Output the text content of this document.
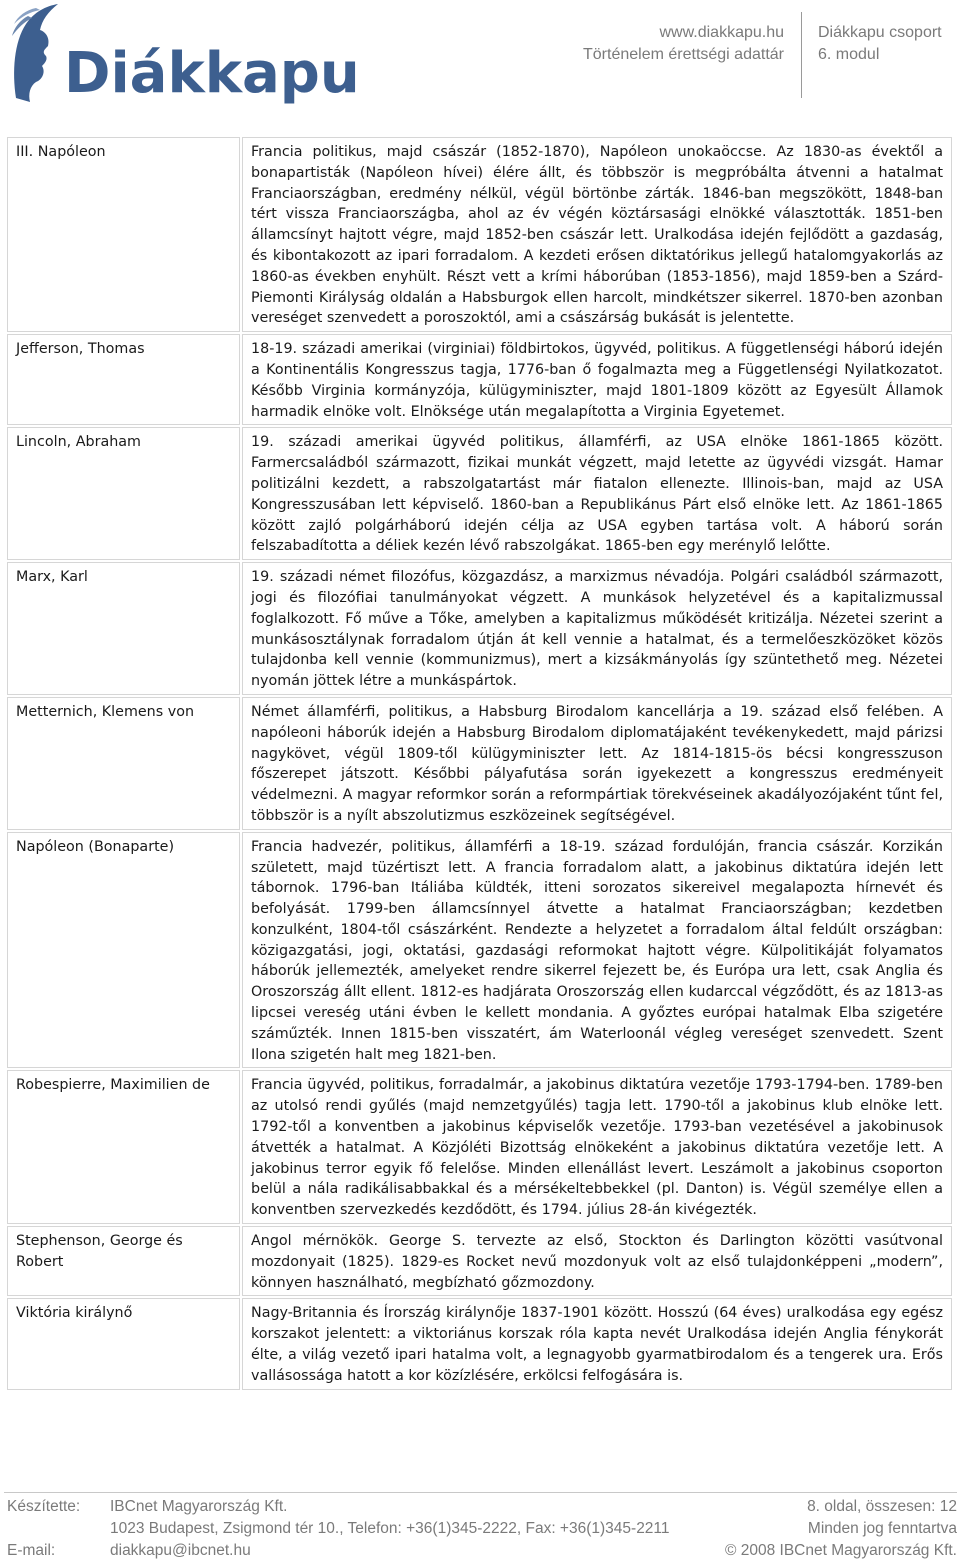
Diákkapu
www.diakkapu.hu
Történelem érettségi adattár
Diákkapu csoport
6. modul
III. Napóleon	Francia politikus, majd császár (1852-1870), Napóleon unokaöccse. Az 1830-as évektől a bonapartisták (Napóleon hívei) élére állt, és többször is megpróbálta átvenni a hatalmat Franciaországban, eredmény nélkül, végül börtönbe zárták. 1846-ban megszökött, 1848-ban tért vissza Franciaországba, ahol az év végén köztársasági elnökké választották. 1851-ben államcsínyt hajtott végre, majd 1852-ben császár lett. Uralkodása idején fejlődött a gazdaság, és kibontakozott az ipari forradalom. A kezdeti erősen diktatórikus jellegű hatalomgyakorlás az 1860-as években enyhült. Részt vett a krími háborúban (1853-1856), majd 1859-ben a Szárd-Piemonti Királyság oldalán a Habsburgok ellen harcolt, mindkétszer sikerrel. 1870-ben azonban vereséget szenvedett a poroszoktól, ami a császárság bukását is jelentette.
Jefferson, Thomas	18-19. századi amerikai (virginiai) földbirtokos, ügyvéd, politikus. A függetlenségi háború idején a Kontinentális Kongresszus tagja, 1776-ban ő fogalmazta meg a Függetlenségi Nyilatkozatot. Később Virginia kormányzója, külügyminiszter, majd 1801-1809 között az Egyesült Államok harmadik elnöke volt. Elnöksége után megalapította a Virginia Egyetemet.
Lincoln, Abraham	19. századi amerikai ügyvéd politikus, államférfi, az USA elnöke 1861-1865 között. Farmercsaládból származott, fizikai munkát végzett, majd letette az ügyvédi vizsgát. Hamar politizálni kezdett, a rabszolgatartást már fiatalon ellenezte. Illinois-ban, majd az USA Kongresszusában lett képviselő. 1860-ban a Republikánus Párt első elnöke lett. Az 1861-1865 között zajló polgárháború idején célja az USA egyben tartása volt. A háború során felszabadította a déliek kezén lévő rabszolgákat. 1865-ben egy merénylő lelőtte.
Marx, Karl	19. századi német filozófus, közgazdász, a marxizmus névadója. Polgári családból származott, jogi és filozófiai tanulmányokat végzett. A munkások helyzetével és a kapitalizmussal foglalkozott. Fő műve a Tőke, amelyben a kapitalizmus működését kritizálja. Nézetei szerint a munkásosztálynak forradalom útján át kell vennie a hatalmat, és a termelőeszközöket közös tulajdonba kell vennie (kommunizmus), mert a kizsákmányolás így szüntethető meg. Nézetei nyomán jöttek létre a munkáspártok.
Metternich, Klemens von	Német államférfi, politikus, a Habsburg Birodalom kancellárja a 19. század első felében. A napóleoni háborúk idején a Habsburg Birodalom diplomatájaként tevékenykedett, majd párizsi nagykövet, végül 1809-től külügyminiszter lett. Az 1814-1815-ös bécsi kongresszuson főszerepet játszott. Későbbi pályafutása során igyekezett a kongresszus eredményeit védelmezni. A magyar reformkor során a reformpártiak törekvéseinek akadályozójaként tűnt fel, többször is a nyílt abszolutizmus eszközeinek segítségével.
Napóleon (Bonaparte)	Francia hadvezér, politikus, államférfi a 18-19. század fordulóján, francia császár. Korzikán született, majd tüzértiszt lett. A francia forradalom alatt, a jakobinus diktatúra idején lett tábornok. 1796-ban Itáliába küldték, itteni sorozatos sikereivel megalapozta hírnevét és befolyását. 1799-ben államcsínnyel átvette a hatalmat Franciaországban; kezdetben konzulként, 1804-től császárként. Rendezte a helyzetet a forradalom által feldúlt országban: közigazgatási, jogi, oktatási, gazdasági reformokat hajtott végre. Külpolitikáját folyamatos háborúk jellemezték, amelyeket rendre sikerrel fejezett be, és Európa ura lett, csak Anglia és Oroszország állt ellent. 1812-es hadjárata Oroszország ellen kudarccal végződött, és az 1813-as lipcsei vereség utáni évben le kellett mondania. A győztes európai hatalmak Elba szigetére száműzték. Innen 1815-ben visszatért, ám Waterloonál végleg vereséget szenvedett. Szent Ilona szigetén halt meg 1821-ben.
Robespierre, Maximilien de	Francia ügyvéd, politikus, forradalmár, a jakobinus diktatúra vezetője 1793-1794-ben. 1789-ben az utolsó rendi gyűlés (majd nemzetgyűlés) tagja lett. 1790-től a jakobinus klub elnöke lett. 1792-től a konventben a jakobinus képviselők vezetője. 1793-ban vezetésével a jakobinusok átvették a hatalmat. A Közjóléti Bizottság elnökeként a jakobinus diktatúra vezetője lett. A jakobinus terror egyik fő felelőse. Minden ellenállást levert. Leszámolt a jakobinus csoporton belül a nála radikálisabbakkal és a mérsékeltebbekkel (pl. Danton) is. Végül személye ellen a konventben szervezkedés kezdődött, és 1794. július 28-án kivégezték.
Stephenson, George és Robert	Angol mérnökök. George S. tervezte az első, Stockton és Darlington közötti vasútvonal mozdonyait (1825). 1829-es Rocket nevű mozdonyuk volt az első tulajdonképpeni „modern”, könnyen használható, megbízható gőzmozdony.
Viktória királynő	Nagy-Britannia és Írország királynője 1837-1901 között. Hosszú (64 éves) uralkodása egy egész korszakot jelentett: a viktoriánus korszak róla kapta nevét Uralkodása idején Anglia fénykorát élte, a világ vezető ipari hatalma volt, a legnagyobb gyarmatbirodalom és a tengerek ura. Erős vallásossága hatott a kor közízlésére, erkölcsi felfogására is.
Készítette: IBCnet Magyarország Kft.	8. oldal, összesen: 12
1023 Budapest, Zsigmond tér 10., Telefon: +36(1)345-2222, Fax: +36(1)345-2211	Minden jog fenntartva
E-mail:	diakkapu@ibcnet.hu	© 2008 IBCnet Magyarország Kft.
